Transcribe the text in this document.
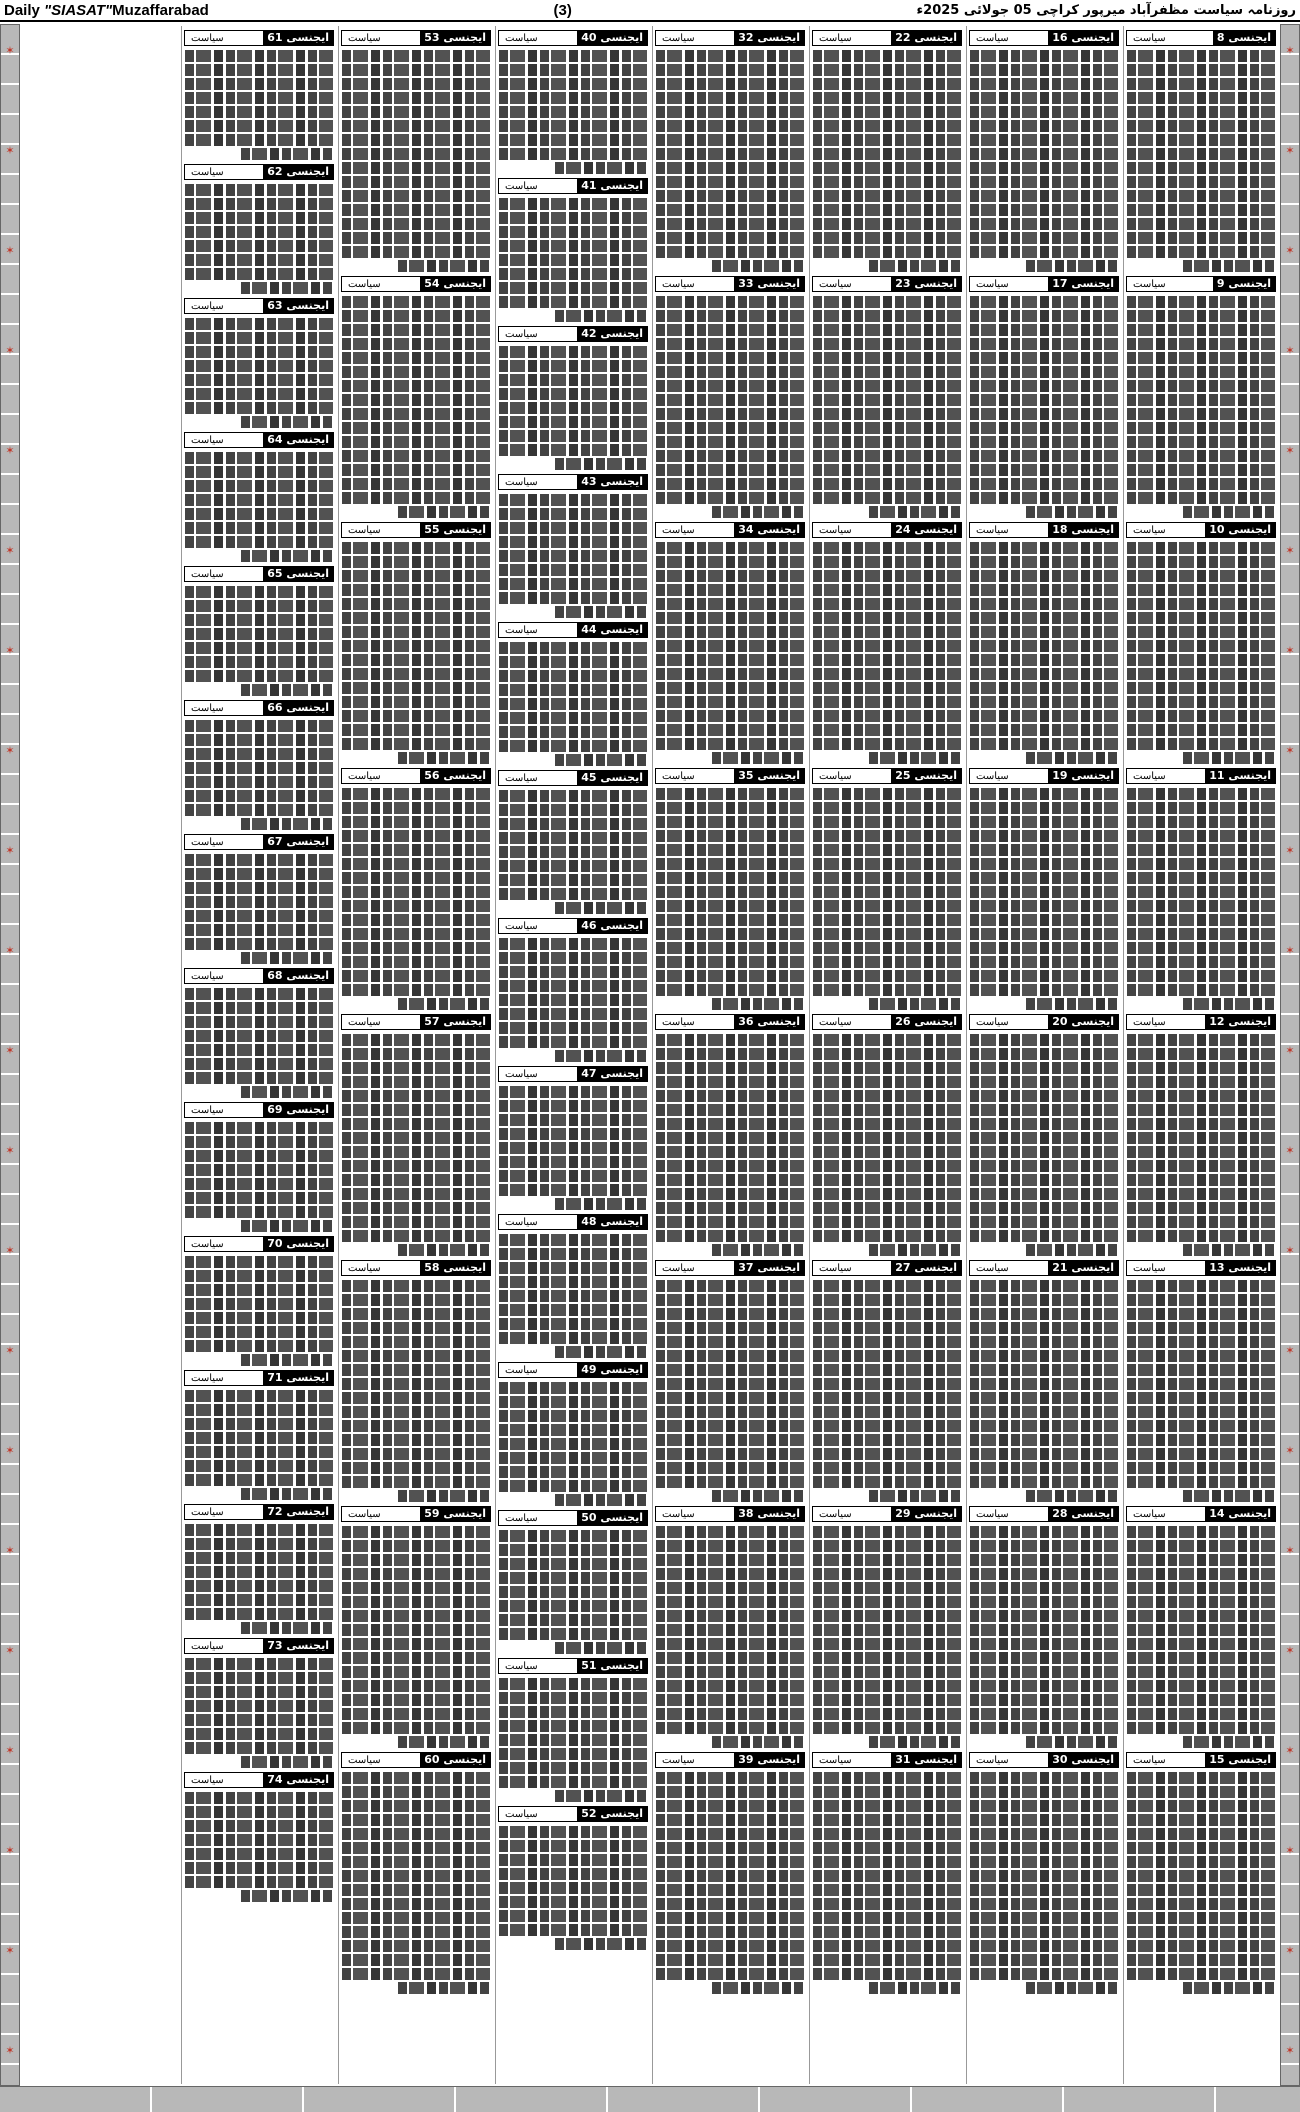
Daily "SIASAT"Muzaffarabad	(3)	روزنامہ سیاست مظفرآباد میرپور کراچی 05 جولائی 2025ء
✶
✶
✶
✶
✶
✶
✶
✶
✶
✶
✶
✶
✶
✶
✶
✶
✶
✶
✶
✶
✶
✶
✶
✶
✶
✶
✶
✶
✶
✶
✶
✶
✶
✶
✶
✶
✶
✶
✶
✶
✶
✶
ایجنسی 8
سیاست
ایجنسی 9
سیاست
ایجنسی 10
سیاست
ایجنسی 11
سیاست
ایجنسی 12
سیاست
ایجنسی 13
سیاست
ایجنسی 14
سیاست
ایجنسی 15
سیاست
ایجنسی 16
سیاست
ایجنسی 17
سیاست
ایجنسی 18
سیاست
ایجنسی 19
سیاست
ایجنسی 20
سیاست
ایجنسی 21
سیاست
ایجنسی 28
سیاست
ایجنسی 30
سیاست
ایجنسی 22
سیاست
ایجنسی 23
سیاست
ایجنسی 24
سیاست
ایجنسی 25
سیاست
ایجنسی 26
سیاست
ایجنسی 27
سیاست
ایجنسی 29
سیاست
ایجنسی 31
سیاست
ایجنسی 32
سیاست
ایجنسی 33
سیاست
ایجنسی 34
سیاست
ایجنسی 35
سیاست
ایجنسی 36
سیاست
ایجنسی 37
سیاست
ایجنسی 38
سیاست
ایجنسی 39
سیاست
ایجنسی 40
سیاست
ایجنسی 41
سیاست
ایجنسی 42
سیاست
ایجنسی 43
سیاست
ایجنسی 44
سیاست
ایجنسی 45
سیاست
ایجنسی 46
سیاست
ایجنسی 47
سیاست
ایجنسی 48
سیاست
ایجنسی 49
سیاست
ایجنسی 50
سیاست
ایجنسی 51
سیاست
ایجنسی 52
سیاست
ایجنسی 53
سیاست
ایجنسی 54
سیاست
ایجنسی 55
سیاست
ایجنسی 56
سیاست
ایجنسی 57
سیاست
ایجنسی 58
سیاست
ایجنسی 59
سیاست
ایجنسی 60
سیاست
ایجنسی 61
سیاست
ایجنسی 62
سیاست
ایجنسی 63
سیاست
ایجنسی 64
سیاست
ایجنسی 65
سیاست
ایجنسی 66
سیاست
ایجنسی 67
سیاست
ایجنسی 68
سیاست
ایجنسی 69
سیاست
ایجنسی 70
سیاست
ایجنسی 71
سیاست
ایجنسی 72
سیاست
ایجنسی 73
سیاست
ایجنسی 74
سیاست
